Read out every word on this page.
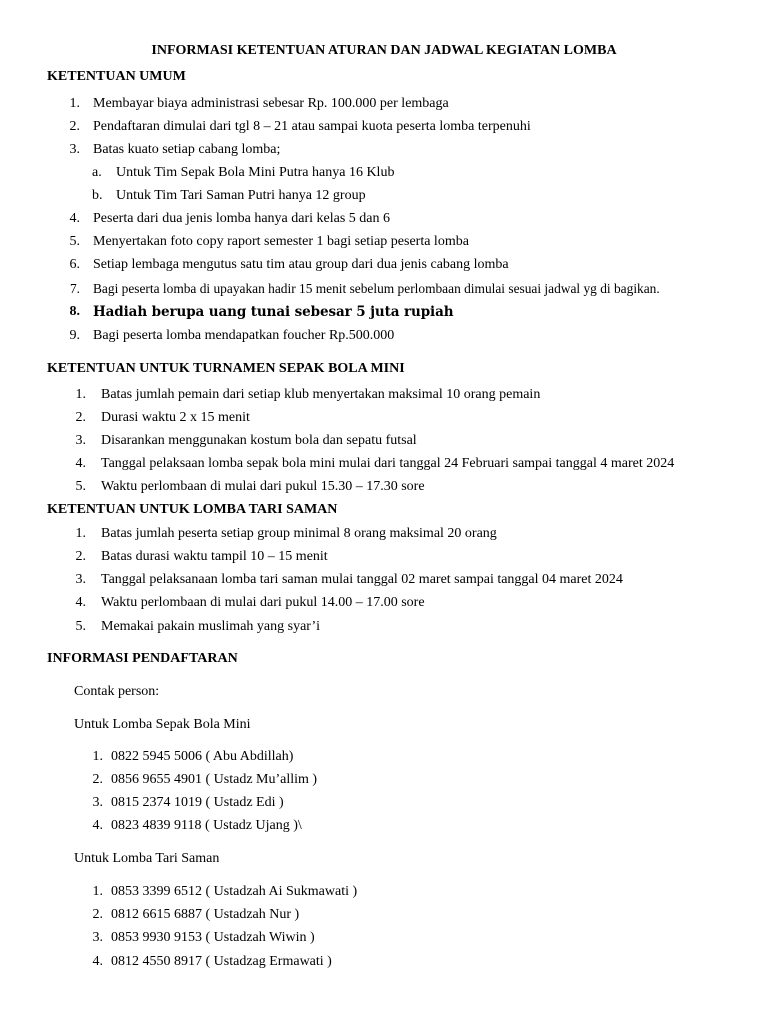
INFORMASI KETENTUAN ATURAN DAN JADWAL KEGIATAN LOMBA
KETENTUAN UMUM
1. Membayar biaya administrasi sebesar Rp. 100.000 per lembaga
2. Pendaftaran dimulai dari tgl 8 – 21 atau sampai kuota peserta lomba terpenuhi
3. Batas kuato setiap cabang lomba;
a.	Untuk Tim Sepak Bola Mini Putra hanya 16 Klub
b. Untuk Tim Tari Saman Putri hanya 12 group
4. Peserta dari dua jenis lomba hanya dari kelas 5 dan 6
5. Menyertakan foto copy raport semester 1 bagi setiap peserta lomba
6. Setiap lembaga mengutus satu tim atau group dari dua jenis cabang lomba
7. Bagi peserta lomba di upayakan hadir 15 menit sebelum perlombaan dimulai sesuai jadwal yg di bagikan.
8. Hadiah berupa uang tunai sebesar 5 juta rupiah
9. Bagi peserta lomba mendapatkan foucher Rp.500.000
KETENTUAN UNTUK TURNAMEN SEPAK BOLA MINI
1. Batas jumlah pemain dari setiap klub menyertakan maksimal 10 orang pemain
2. Durasi waktu 2 x 15 menit
3. Disarankan menggunakan kostum bola dan sepatu futsal
4. Tanggal pelaksaan lomba sepak bola mini mulai dari tanggal 24 Februari sampai tanggal 4 maret 2024
5. Waktu perlombaan di mulai dari pukul 15.30 – 17.30 sore
KETENTUAN UNTUK LOMBA TARI SAMAN
1. Batas jumlah peserta setiap group minimal 8 orang maksimal 20 orang
2. Batas durasi waktu tampil 10 – 15 menit
3. Tanggal pelaksanaan lomba tari saman mulai tanggal 02 maret sampai tanggal 04 maret 2024
4. Waktu perlombaan di mulai dari pukul 14.00 – 17.00 sore
5. Memakai pakain muslimah yang syar’i
INFORMASI PENDAFTARAN
Contak person:
Untuk Lomba Sepak Bola Mini
1. 0822 5945 5006 ( Abu Abdillah)
2. 0856 9655 4901 ( Ustadz Mu’allim )
3. 0815 2374 1019 ( Ustadz Edi )
4. 0823 4839 9118 ( Ustadz Ujang )\
Untuk Lomba Tari Saman
1. 0853 3399 6512 ( Ustadzah Ai Sukmawati )
2. 0812 6615 6887 ( Ustadzah Nur )
3. 0853 9930 9153 ( Ustadzah Wiwin )
4. 0812 4550 8917 ( Ustadzag Ermawati )
